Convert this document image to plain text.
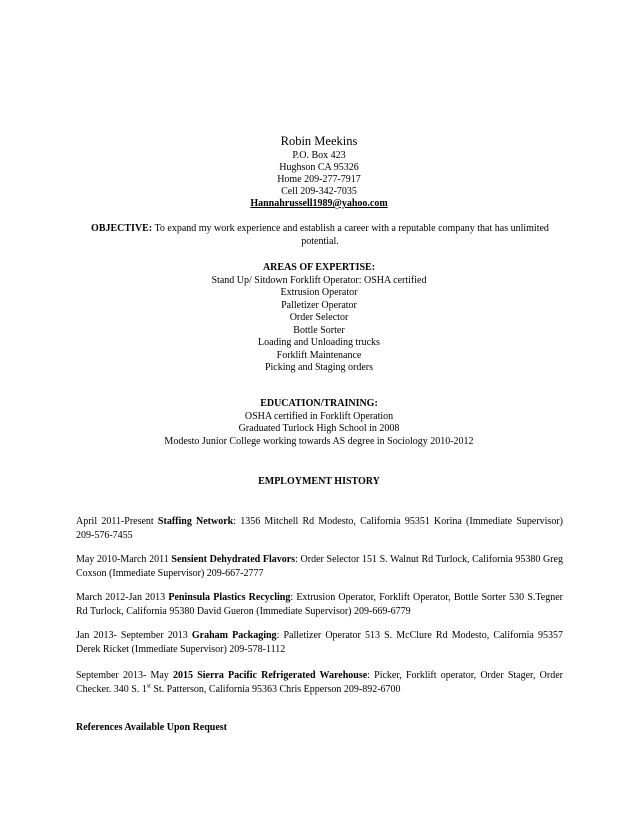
Robin Meekins
P.O. Box 423
Hughson CA 95326
Home 209-277-7917
Cell 209-342-7035
Hannahrussell1989@yahoo.com
OBJECTIVE: To expand my work experience and establish a career with a reputable company that has unlimited potential.
AREAS OF EXPERTISE:
Stand Up/ Sitdown Forklift Operator: OSHA certified
Extrusion Operator
Palletizer Operator
Order Selector
Bottle Sorter
Loading and Unloading trucks
Forklift Maintenance
Picking and Staging orders
EDUCATION/TRAINING:
OSHA certified in Forklift Operation
Graduated Turlock High School in 2008
Modesto Junior College working towards AS degree in Sociology 2010-2012
EMPLOYMENT HISTORY
April 2011-Present Staffing Network: 1356 Mitchell Rd Modesto, California 95351 Korina (Immediate Supervisor) 209-576-7455
May 2010-March 2011 Sensient Dehydrated Flavors: Order Selector 151 S. Walnut Rd Turlock, California 95380 Greg Coxson (Immediate Supervisor) 209-667-2777
March 2012-Jan 2013 Peninsula Plastics Recycling: Extrusion Operator, Forklift Operator, Bottle Sorter 530 S.Tegner Rd Turlock, California 95380 David Gueron (Immediate Supervisor) 209-669-6779
Jan 2013- September 2013 Graham Packaging: Palletizer Operator 513 S. McClure Rd Modesto, California 95357 Derek Ricket (Immediate Supervisor) 209-578-1112
September 2013- May 2015 Sierra Pacific Refrigerated Warehouse: Picker, Forklift operator, Order Stager, Order Checker. 340 S. 1st St. Patterson, California 95363 Chris Epperson 209-892-6700
References Available Upon Request
